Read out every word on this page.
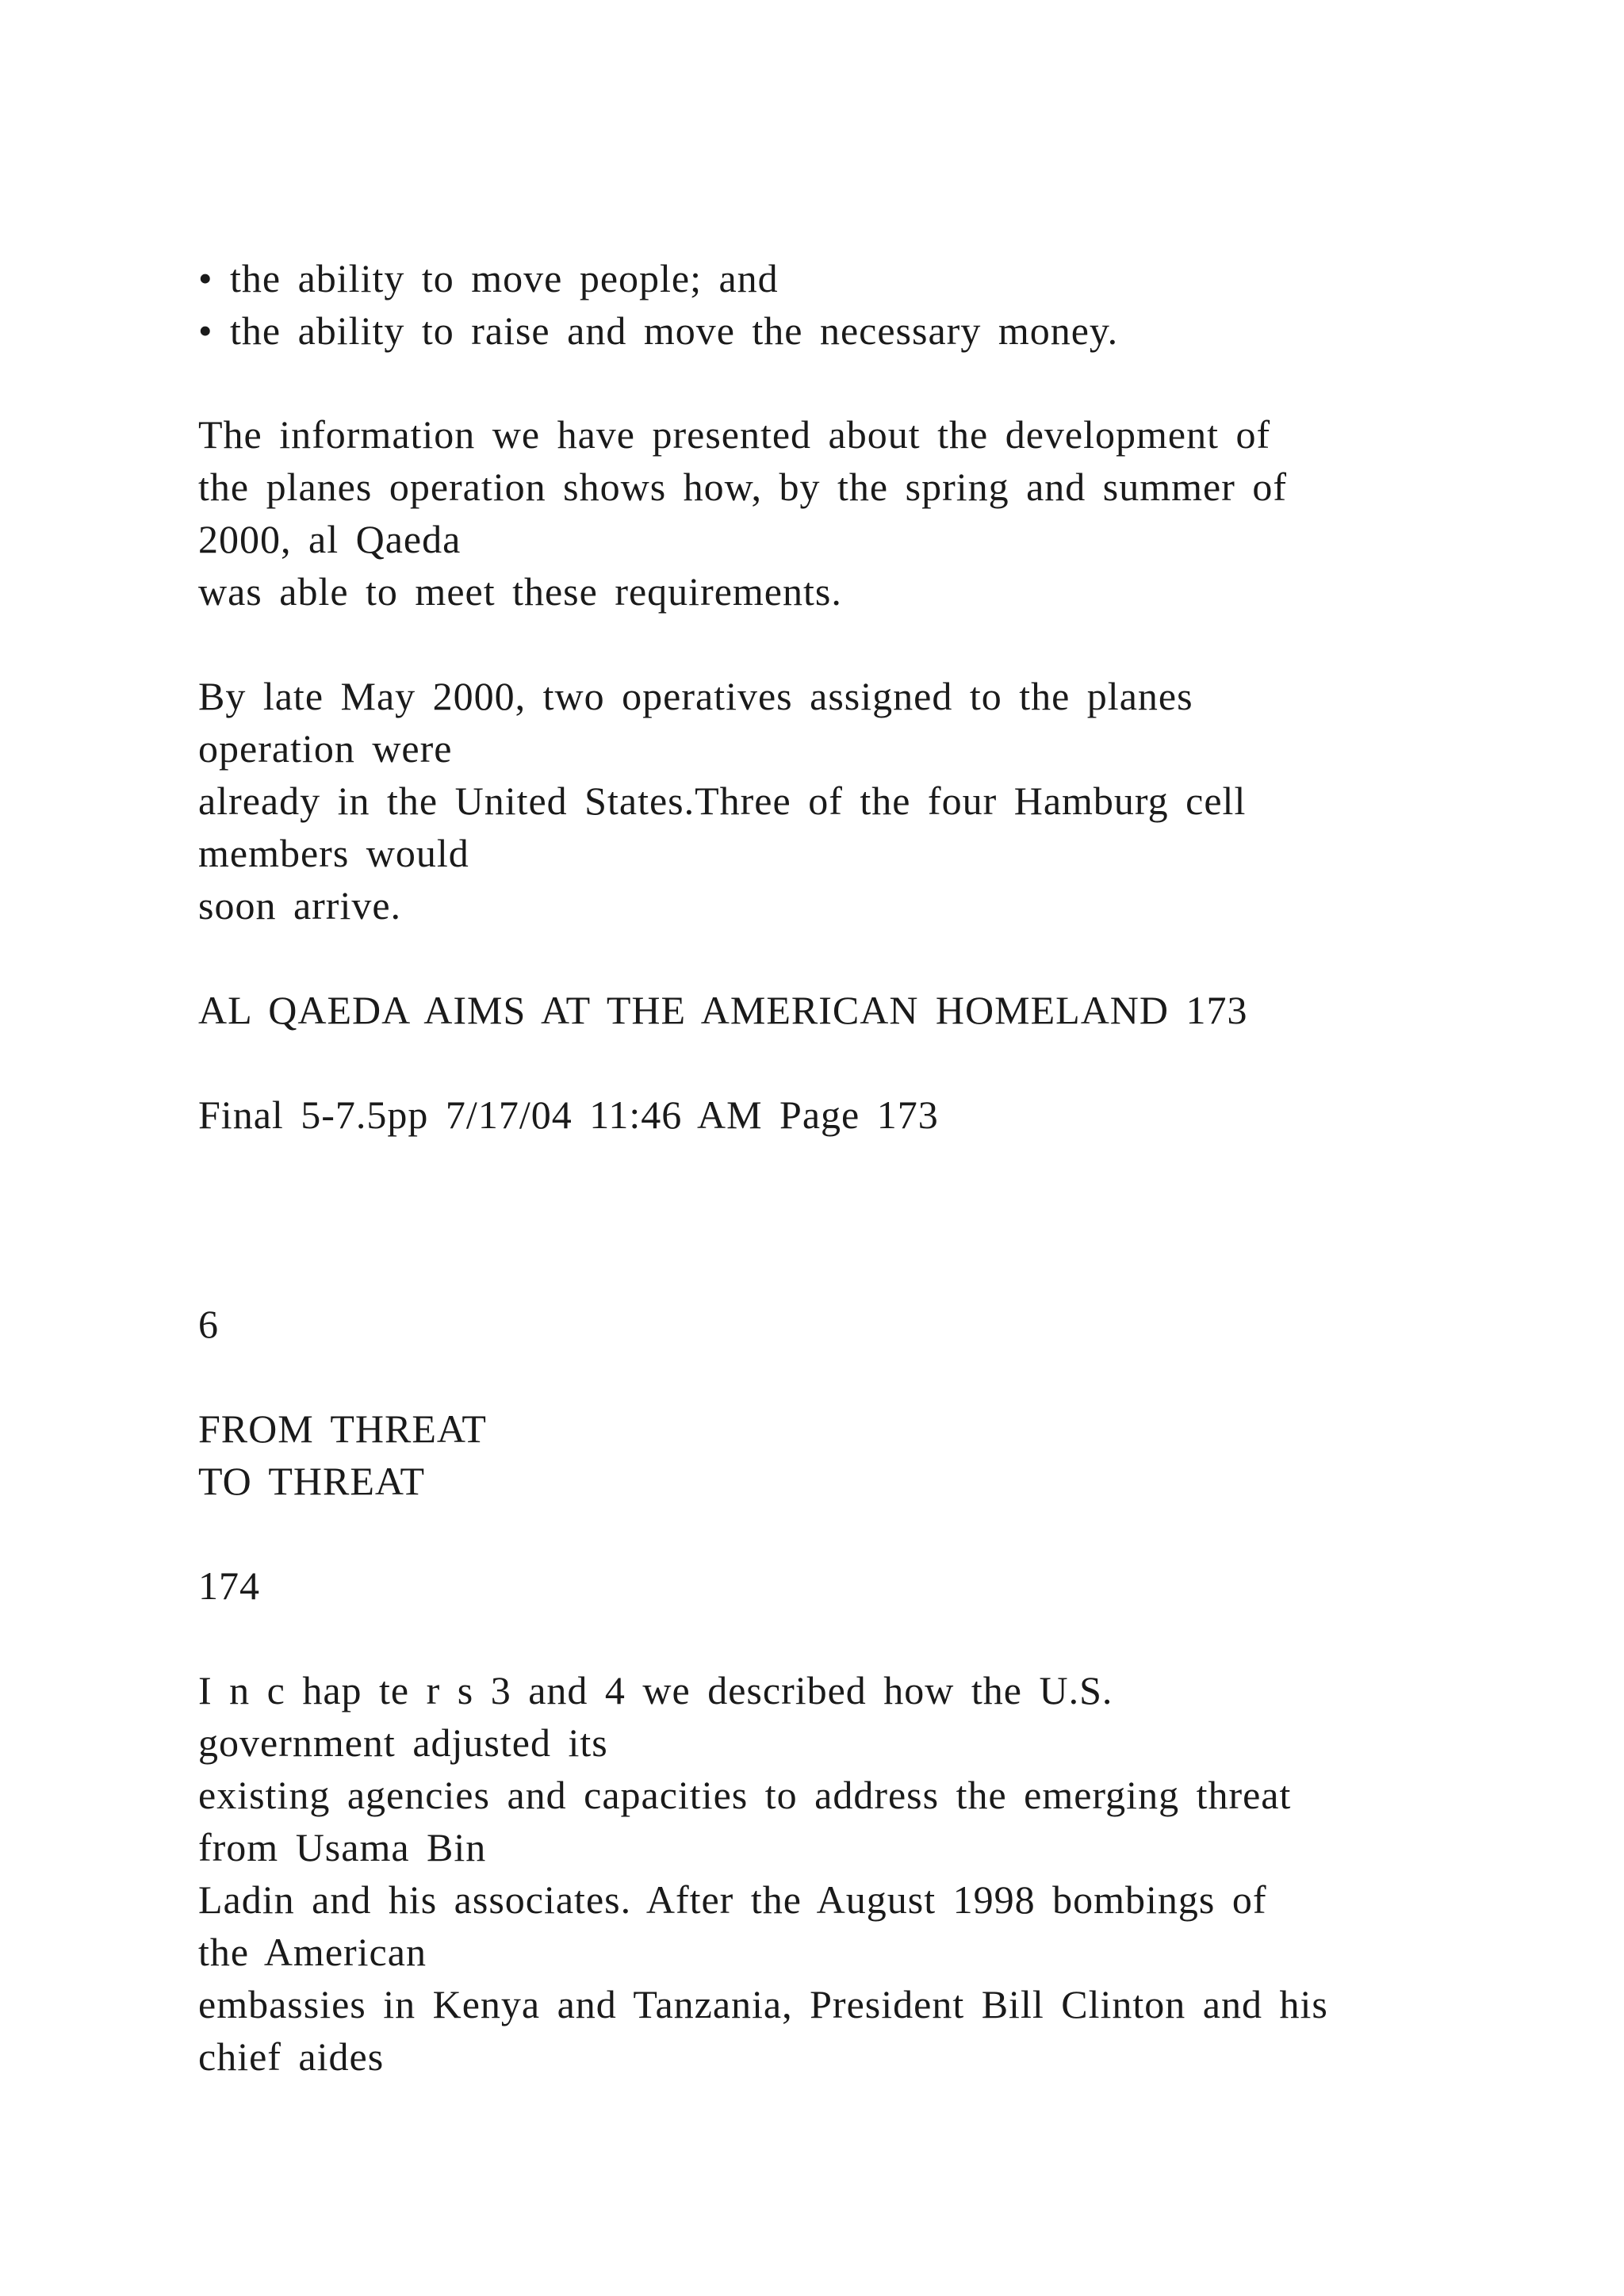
• the ability to move people; and
• the ability to raise and move the necessary money.
The information we have presented about the development of
the planes operation shows how, by the spring and summer of
2000, al Qaeda
was able to meet these requirements.
By late May 2000, two operatives assigned to the planes
operation were
already in the United States.Three of the four Hamburg cell
members would
soon arrive.
AL QAEDA AIMS AT THE AMERICAN HOMELAND 173
Final 5-7.5pp 7/17/04 11:46 AM Page 173
6
FROM THREAT
TO THREAT
174
I n c hap te r s 3 and 4 we described how the U.S.
government adjusted its
existing agencies and capacities to address the emerging threat
from Usama Bin
Ladin and his associates. After the August 1998 bombings of
the American
embassies in Kenya and Tanzania, President Bill Clinton and his
chief aides
